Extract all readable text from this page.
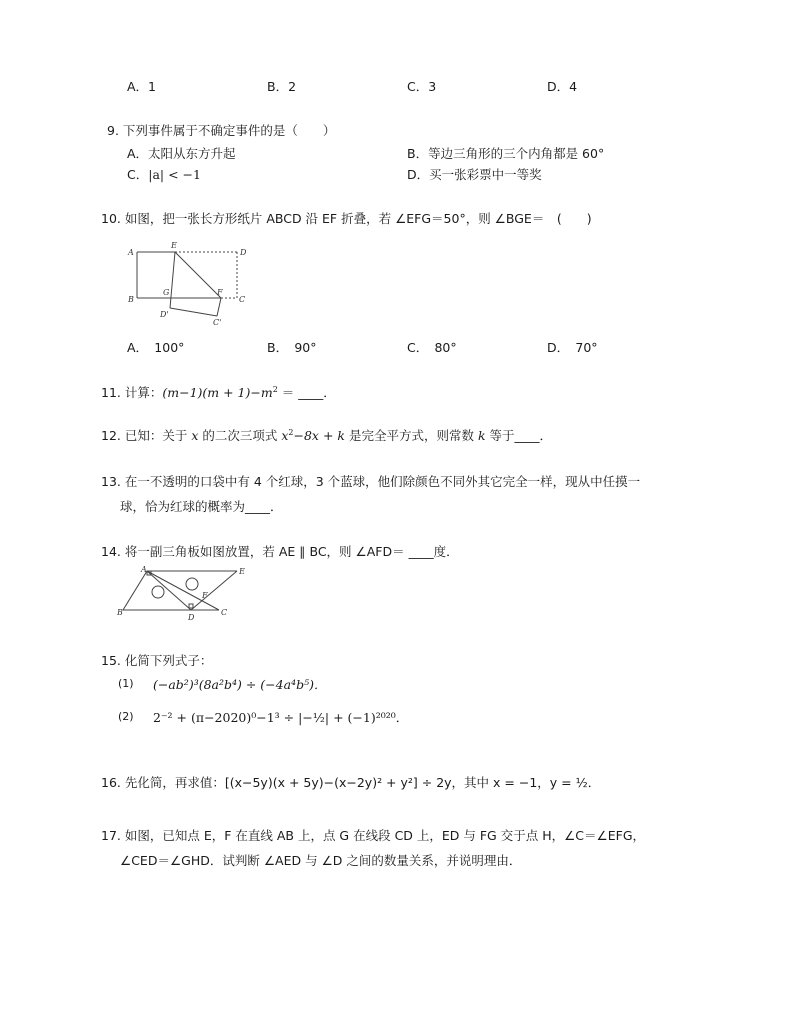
A．1	B．2	C．3	D．4
9. 下列事件属于不确定事件的是（　　）
A．太阳从东方升起	B．等边三角形的三个内角都是 60°
C．|a| < −1	D．买一张彩票中一等奖
10. 如图，把一张长方形纸片 ABCD 沿 EF 折叠，若 ∠EFG＝50°，则 ∠BGE＝　(　　)
A
E
D
B
G	F
C
D'
C'
A．　100°	B．　90°	C．　80°	D．　70°
11. 计算：$(m-1)(m + 1)-m^2$ ＝ ____．
12. 已知：关于 x 的二次三项式 $x^2-8x + k$ 是完全平方式，则常数 k 等于____．
13. 在一不透明的口袋中有 4 个红球，3 个蓝球，他们除颜色不同外其它完全一样，现从中任摸一
球，恰为红球的概率为____．
14. 将一副三角板如图放置，若 AE ∥ BC，则 ∠AFD＝ ____度．
A	E
B
D
F
C
15. 化简下列式子：
(1) (−ab²)³(8a²b⁴) ÷ (−4a⁴b⁵)．
(2) 2⁻² + (π−2020)⁰−1³ ÷ |−½| + (−1)²⁰²⁰．
16. 先化简，再求值：[(x−5y)(x + 5y)−(x−2y)² + y²] ÷ 2y，其中 x = −1，y = ½．
17. 如图，已知点 E，F 在直线 AB 上，点 G 在线段 CD 上，ED 与 FG 交于点 H，∠C＝∠EFG，
∠CED＝∠GHD．试判断 ∠AED 与 ∠D 之间的数量关系，并说明理由．
